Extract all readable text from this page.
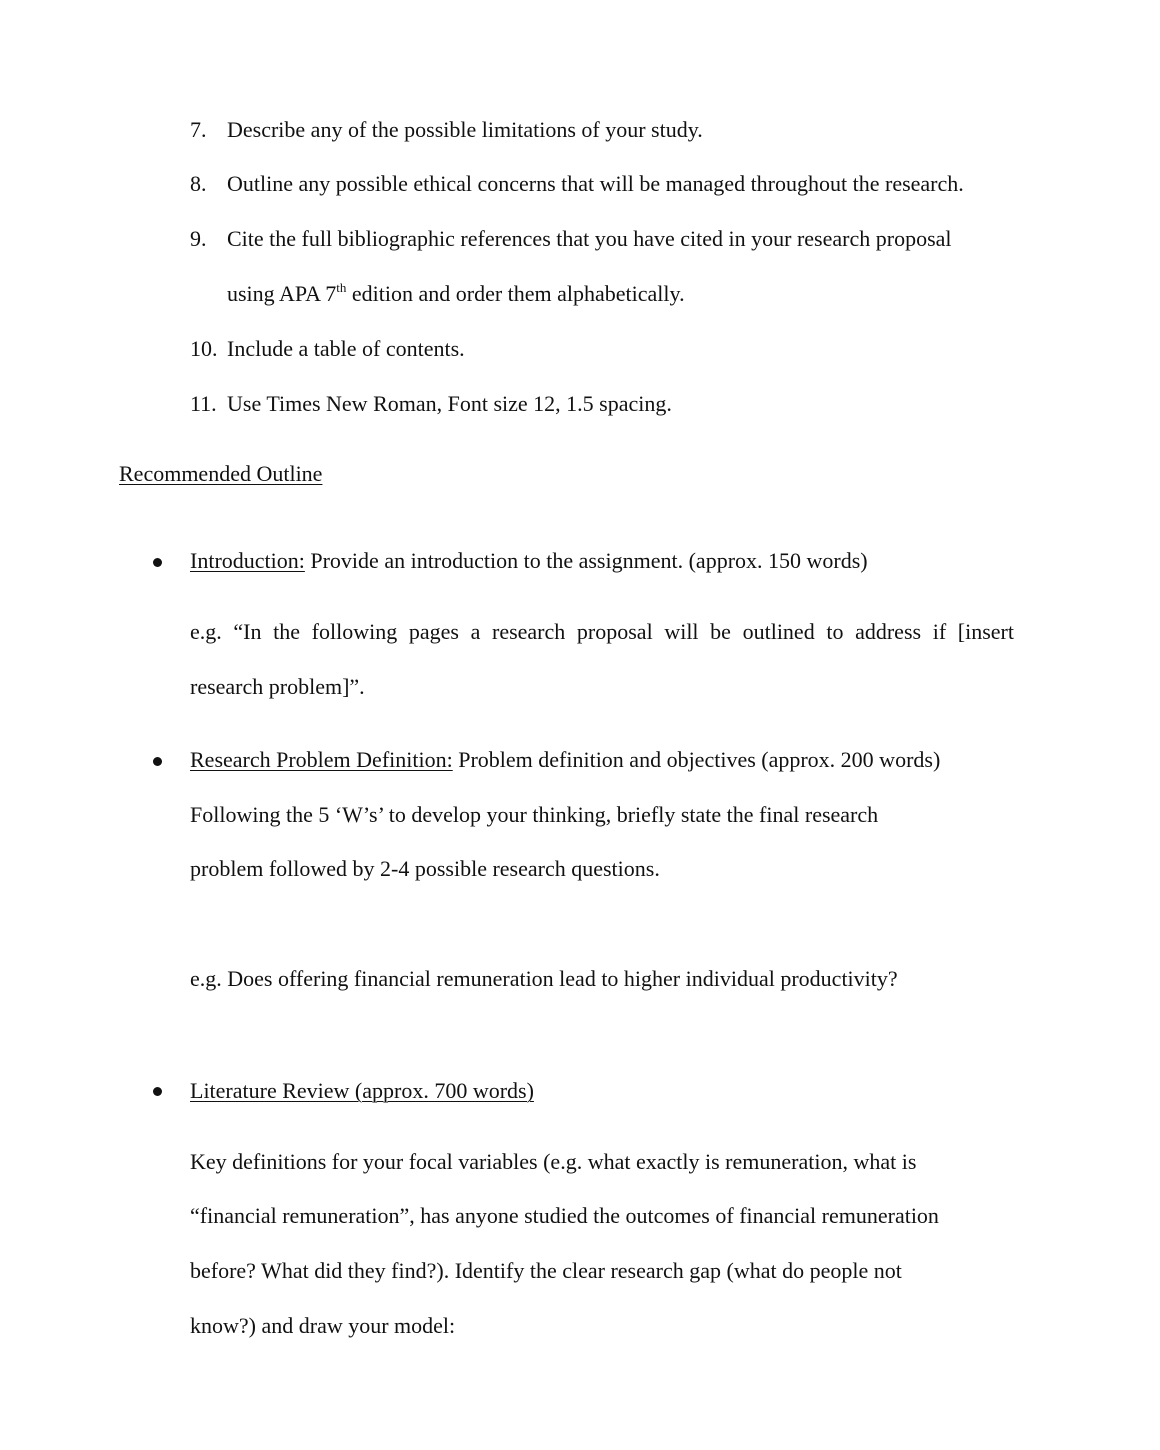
7. Describe any of the possible limitations of your study.
8. Outline any possible ethical concerns that will be managed throughout the research.
9. Cite the full bibliographic references that you have cited in your research proposal
using APA 7th edition and order them alphabetically.
10. Include a table of contents.
11. Use Times New Roman, Font size 12, 1.5 spacing.
Recommended Outline
Introduction: Provide an introduction to the assignment. (approx. 150 words)
e.g. “In the following pages a research proposal will be outlined to address if [insert
research problem]”.
Research Problem Definition: Problem definition and objectives (approx. 200 words)
Following the 5 ‘W’s’ to develop your thinking, briefly state the final research
problem followed by 2-4 possible research questions.
e.g. Does offering financial remuneration lead to higher individual productivity?
Literature Review (approx. 700 words)
Key definitions for your focal variables (e.g. what exactly is remuneration, what is
“financial remuneration”, has anyone studied the outcomes of financial remuneration
before? What did they find?). Identify the clear research gap (what do people not
know?) and draw your model:
